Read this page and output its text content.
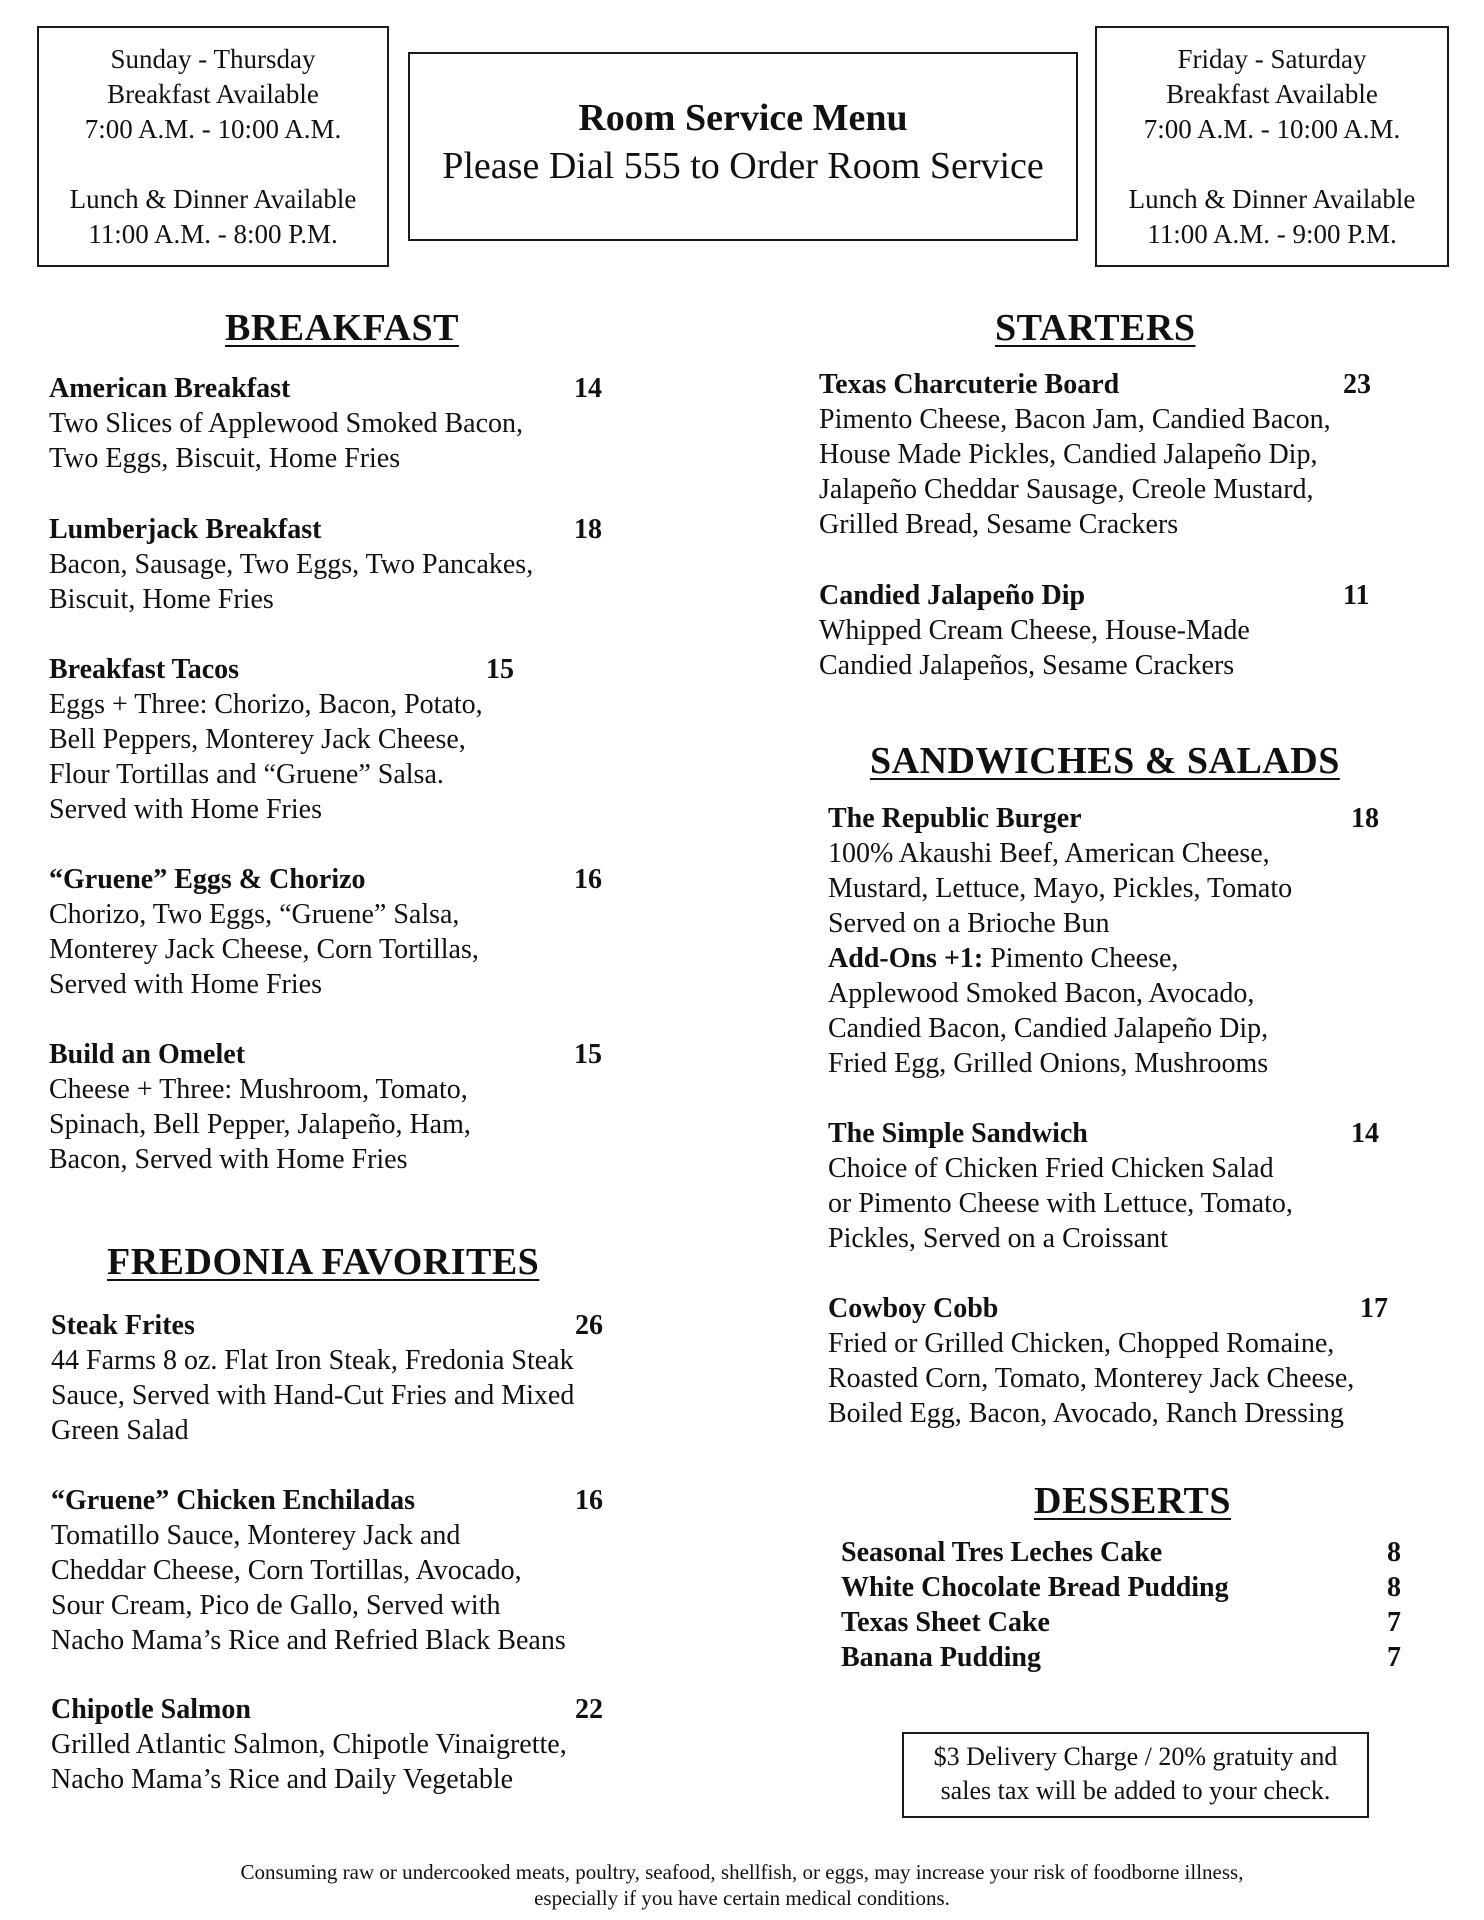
Sunday - Thursday
Breakfast Available
7:00 A.M. - 10:00 A.M.
Lunch & Dinner Available
11:00 A.M. - 8:00 P.M.
Room Service Menu
Please Dial 555 to Order Room Service
Friday - Saturday
Breakfast Available
7:00 A.M. - 10:00 A.M.
Lunch & Dinner Available
11:00 A.M. - 9:00 P.M.
BREAKFAST
American Breakfast	14
Two Slices of Applewood Smoked Bacon,
Two Eggs, Biscuit, Home Fries
Lumberjack Breakfast	18
Bacon, Sausage, Two Eggs, Two Pancakes,
Biscuit, Home Fries
Breakfast Tacos	15
Eggs + Three: Chorizo, Bacon, Potato,
Bell Peppers, Monterey Jack Cheese,
Flour Tortillas and “Gruene” Salsa.
Served with Home Fries
“Gruene” Eggs & Chorizo	16
Chorizo, Two Eggs, “Gruene” Salsa,
Monterey Jack Cheese, Corn Tortillas,
Served with Home Fries
Build an Omelet	15
Cheese + Three: Mushroom, Tomato,
Spinach, Bell Pepper, Jalapeño, Ham,
Bacon, Served with Home Fries
FREDONIA FAVORITES
Steak Frites	26
44 Farms 8 oz. Flat Iron Steak, Fredonia Steak
Sauce, Served with Hand-Cut Fries and Mixed
Green Salad
“Gruene” Chicken Enchiladas	16
Tomatillo Sauce, Monterey Jack and
Cheddar Cheese, Corn Tortillas, Avocado,
Sour Cream, Pico de Gallo, Served with
Nacho Mama’s Rice and Refried Black Beans
Chipotle Salmon	22
Grilled Atlantic Salmon, Chipotle Vinaigrette,
Nacho Mama’s Rice and Daily Vegetable
STARTERS
Texas Charcuterie Board	23
Pimento Cheese, Bacon Jam, Candied Bacon,
House Made Pickles, Candied Jalapeño Dip,
Jalapeño Cheddar Sausage, Creole Mustard,
Grilled Bread, Sesame Crackers
Candied Jalapeño Dip	11
Whipped Cream Cheese, House-Made
Candied Jalapeños, Sesame Crackers
SANDWICHES & SALADS
The Republic Burger	18
100% Akaushi Beef, American Cheese,
Mustard, Lettuce, Mayo, Pickles, Tomato
Served on a Brioche Bun
Add-Ons +1: Pimento Cheese,
Applewood Smoked Bacon, Avocado,
Candied Bacon, Candied Jalapeño Dip,
Fried Egg, Grilled Onions, Mushrooms
The Simple Sandwich	14
Choice of Chicken Fried Chicken Salad
or Pimento Cheese with Lettuce, Tomato,
Pickles, Served on a Croissant
Cowboy Cobb	17
Fried or Grilled Chicken, Chopped Romaine,
Roasted Corn, Tomato, Monterey Jack Cheese,
Boiled Egg, Bacon, Avocado, Ranch Dressing
DESSERTS
Seasonal Tres Leches Cake	8
White Chocolate Bread Pudding	8
Texas Sheet Cake	7
Banana Pudding	7
$3 Delivery Charge / 20% gratuity and
sales tax will be added to your check.
Consuming raw or undercooked meats, poultry, seafood, shellfish, or eggs, may increase your risk of foodborne illness,
especially if you have certain medical conditions.
